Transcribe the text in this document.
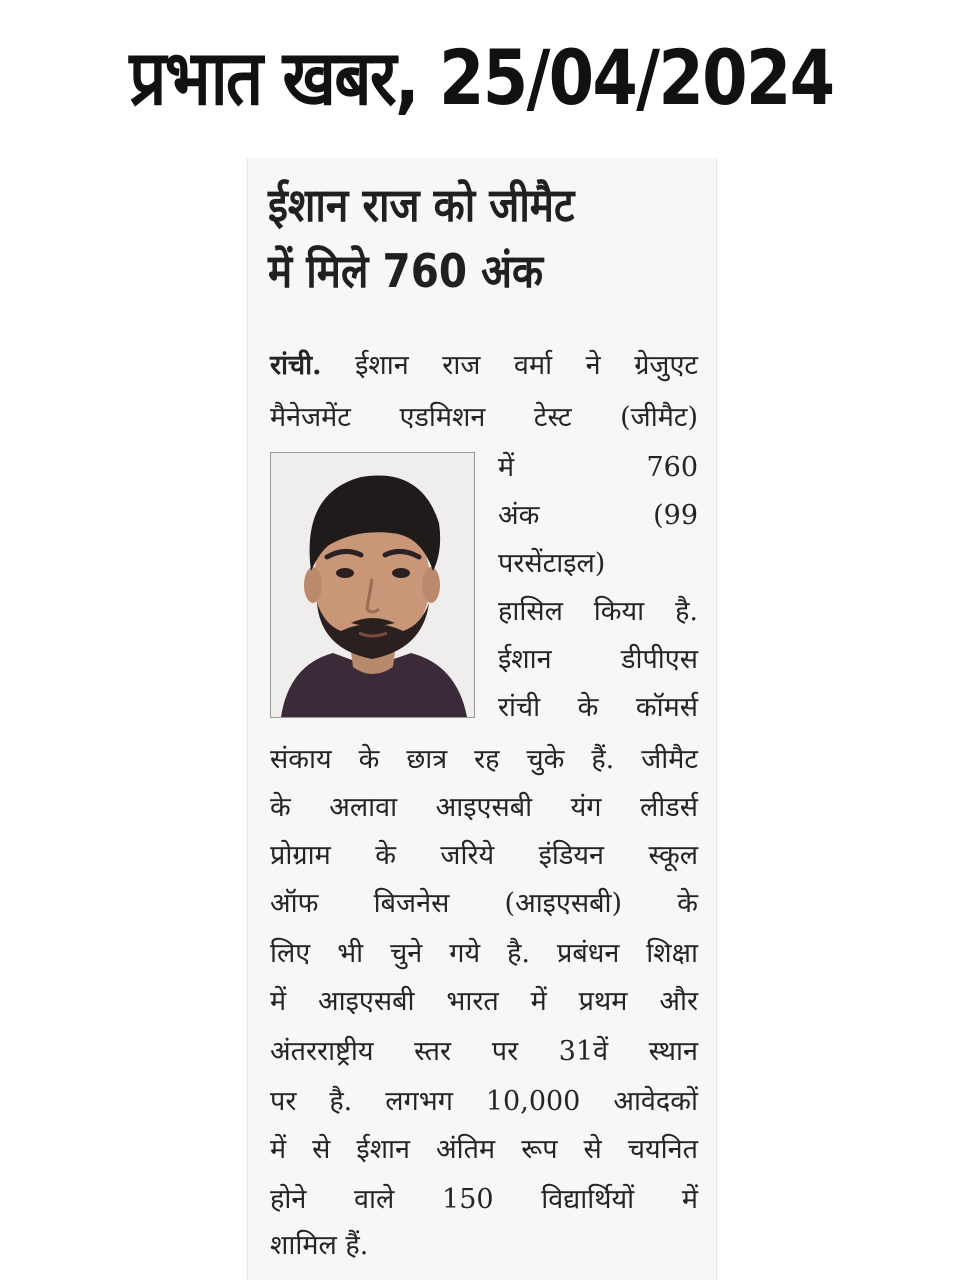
प्रभात खबर, 25/04/2024
ईशान राज को जीमैट
में मिले 760 अंक
रांची. ईशान राज वर्मा ने ग्रेजुएट
मैनेजमेंट एडमिशन टेस्ट (जीमैट)
में 760
अंक (99
परसेंटाइल)
हासिल किया है.
ईशान डीपीएस
रांची के कॉमर्स
संकाय के छात्र रह चुके हैं. जीमैट
के अलावा आइएसबी यंग लीडर्स
प्रोग्राम के जरिये इंडियन स्कूल
ऑफ बिजनेस (आइएसबी) के
लिए भी चुने गये है. प्रबंधन शिक्षा
में आइएसबी भारत में प्रथम और
अंतरराष्ट्रीय स्तर पर 31वें स्थान
पर है. लगभग 10,000 आवेदकों
में से ईशान अंतिम रूप से चयनित
होने वाले 150 विद्यार्थियों में
शामिल हैं.
